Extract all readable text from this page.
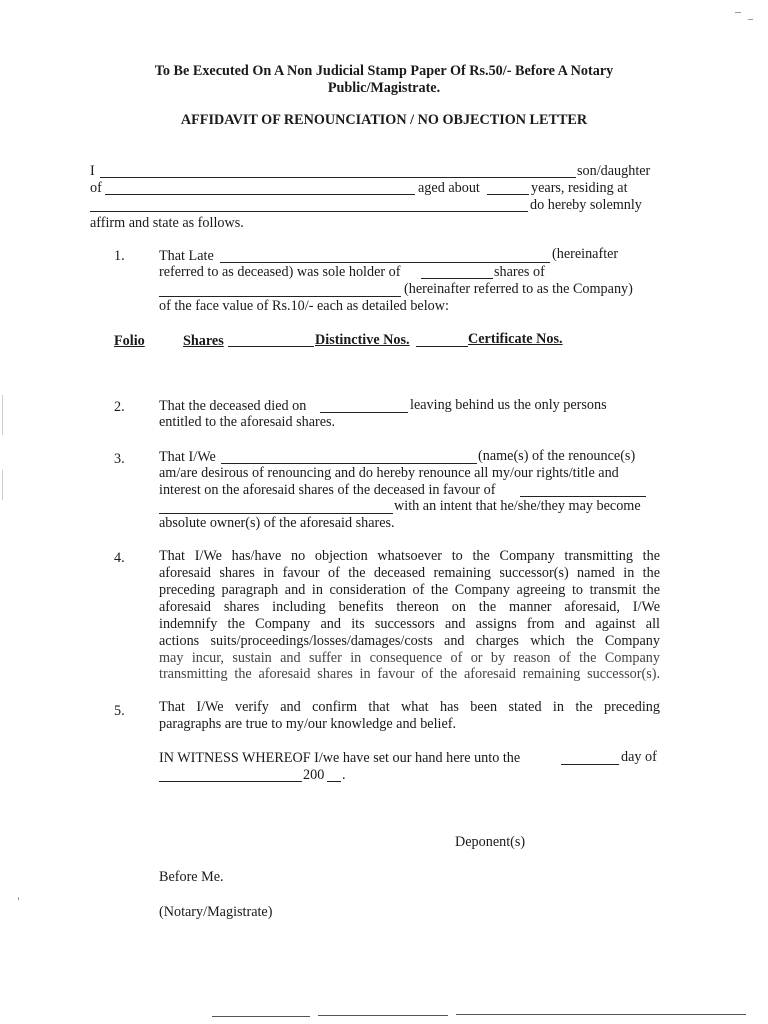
To Be Executed On A Non Judicial Stamp Paper Of Rs.50/- Before A Notary
Public/Magistrate.
AFFIDAVIT OF RENOUNCIATION / NO OBJECTION LETTER
I	son/daughter
of	aged about	years, residing at
do hereby solemnly
affirm and state as follows.
1. That Late	(hereinafter
referred to as deceased) was sole holder of	shares of
(hereinafter referred to as the Company)
of the face value of Rs.10/- each as detailed below:
Folio	Shares	Distinctive Nos.	Certificate Nos.
2. That the deceased died on	leaving behind us the only persons
entitled to the aforesaid shares.
3. That I/We	(name(s) of the renounce(s)
am/are desirous of renouncing and do hereby renounce all my/our rights/title and
interest on the aforesaid shares of the deceased in favour of
with an intent that he/she/they may become
absolute owner(s) of the aforesaid shares.
4. That I/We has/have no objection whatsoever to the Company transmitting the
aforesaid shares in favour of the deceased remaining successor(s) named in the
preceding paragraph and in consideration of the Company agreeing to transmit the
aforesaid shares including benefits thereon on the manner aforesaid, I/We
indemnify the Company and its successors and assigns from and against all
actions suits/proceedings/losses/damages/costs and charges which the Company
may incur, sustain and suffer in consequence of or by reason of the Company
transmitting the aforesaid shares in favour of the aforesaid remaining successor(s).
5. That I/We verify and confirm that what has been stated in the preceding
paragraphs are true to my/our knowledge and belief.
IN WITNESS WHEREOF I/we have set our hand here unto the	day of
200 .
Deponent(s)
Before Me.
(Notary/Magistrate)
